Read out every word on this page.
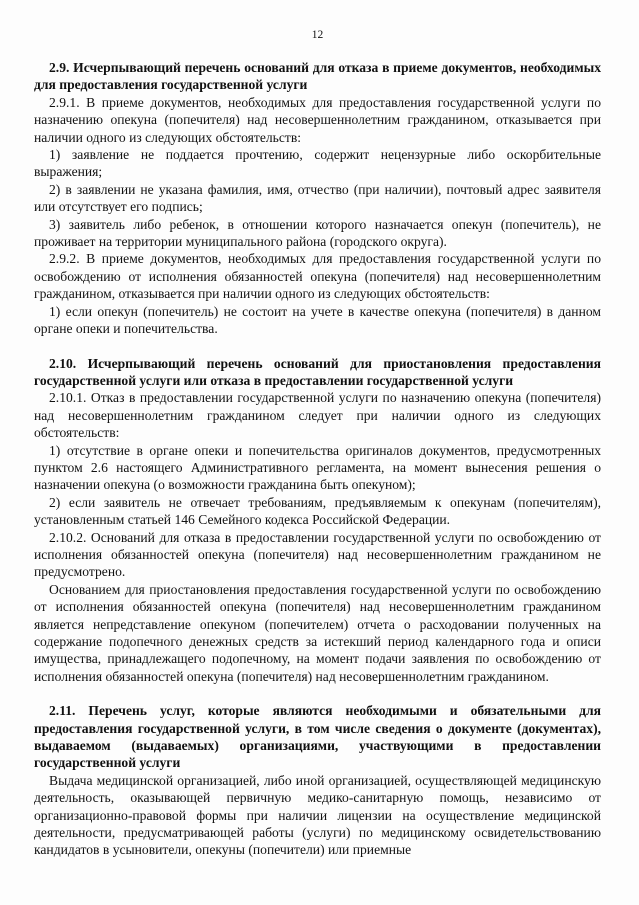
12

2.9. Исчерпывающий перечень оснований для отказа в приеме документов, необходимых для предоставления государственной услуги

2.9.1. В приеме документов, необходимых для предоставления государственной услуги по назначению опекуна (попечителя) над несовершеннолетним гражданином, отказывается при наличии одного из следующих обстоятельств:

1) заявление не поддается прочтению, содержит нецензурные либо оскорбительные выражения;

2) в заявлении не указана фамилия, имя, отчество (при наличии), почтовый адрес заявителя или отсутствует его подпись;

3) заявитель либо ребенок, в отношении которого назначается опекун (попечитель), не проживает на территории муниципального района (городского округа).

2.9.2. В приеме документов, необходимых для предоставления государственной услуги по освобождению от исполнения обязанностей опекуна (попечителя) над несовершеннолетним гражданином, отказывается при наличии одного из следующих обстоятельств:

1) если опекун (попечитель) не состоит на учете в качестве опекуна (попечителя) в данном органе опеки и попечительства.

2.10. Исчерпывающий перечень оснований для приостановления предоставления государственной услуги или отказа в предоставлении государственной услуги

2.10.1. Отказ в предоставлении государственной услуги по назначению опекуна (попечителя) над несовершеннолетним гражданином следует при наличии одного из следующих обстоятельств:

1) отсутствие в органе опеки и попечительства оригиналов документов, предусмотренных пунктом 2.6 настоящего Административного регламента, на момент вынесения решения о назначении опекуна (о возможности гражданина быть опекуном);

2) если заявитель не отвечает требованиям, предъявляемым к опекунам (попечителям), установленным статьей 146 Семейного кодекса Российской Федерации.

2.10.2. Оснований для отказа в предоставлении государственной услуги по освобождению от исполнения обязанностей опекуна (попечителя) над несовершеннолетним гражданином не предусмотрено.

Основанием для приостановления предоставления государственной услуги по освобождению от исполнения обязанностей опекуна (попечителя) над несовершеннолетним гражданином является непредставление опекуном (попечителем) отчета о расходовании полученных на содержание подопечного денежных средств за истекший период календарного года и описи имущества, принадлежащего подопечному, на момент подачи заявления по освобождению от исполнения обязанностей опекуна (попечителя) над несовершеннолетним гражданином.

2.11. Перечень услуг, которые являются необходимыми и обязательными для предоставления государственной услуги, в том числе сведения о документе (документах), выдаваемом (выдаваемых) организациями, участвующими в предоставлении государственной услуги

Выдача медицинской организацией, либо иной организацией, осуществляющей медицинскую деятельность, оказывающей первичную медико-санитарную помощь, независимо от организационно-правовой формы при наличии лицензии на осуществление медицинской деятельности, предусматривающей работы (услуги) по медицинскому освидетельствованию кандидатов в усыновители, опекуны (попечители) или приемные
